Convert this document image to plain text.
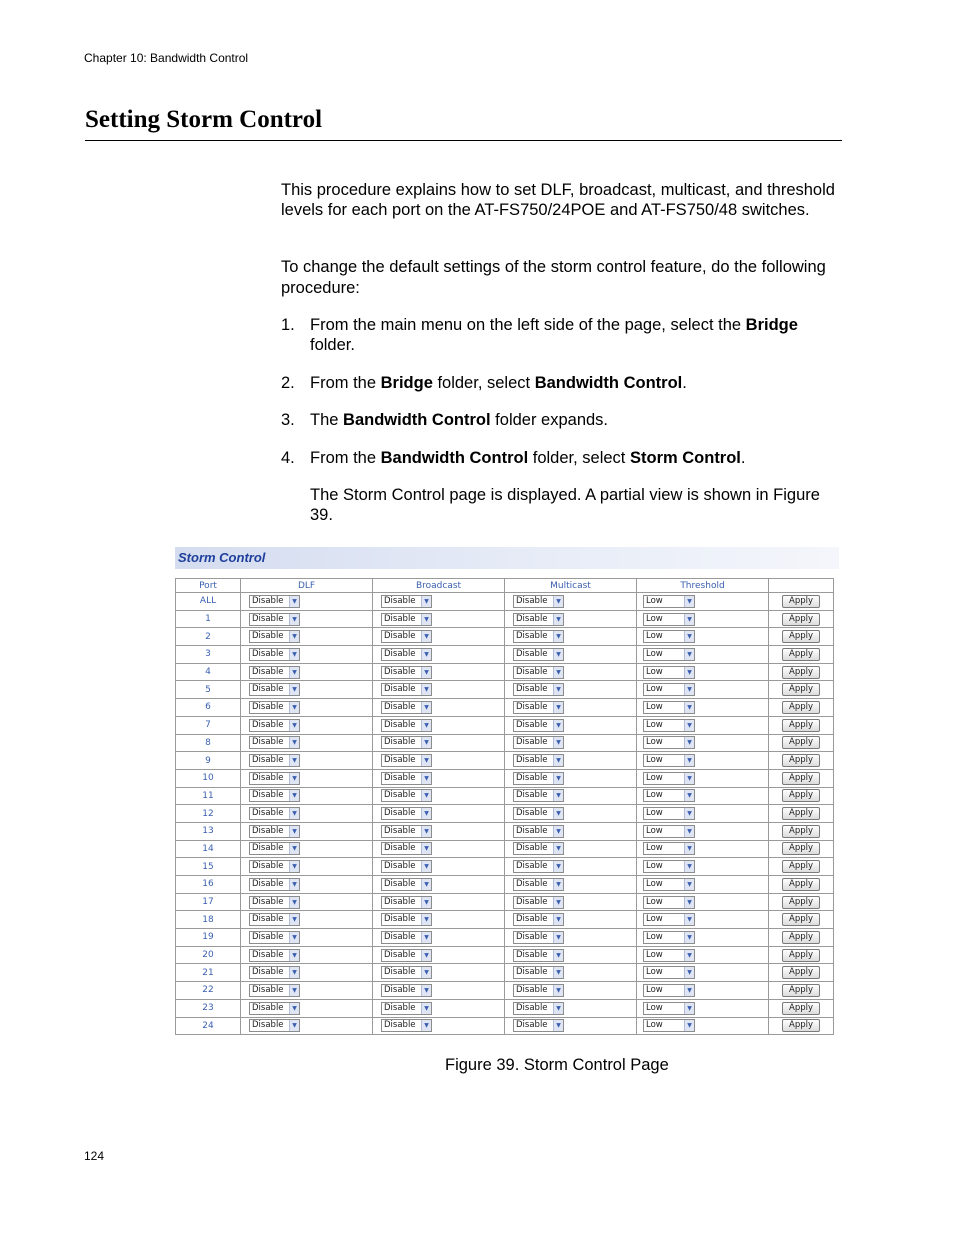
Chapter 10: Bandwidth Control
Setting Storm Control

This procedure explains how to set DLF, broadcast, multicast, and threshold levels for each port on the AT-FS750/24POE and AT-FS750/48 switches.

To change the default settings of the storm control feature, do the following procedure:

1. From the main menu on the left side of the page, select the Bridge folder.
2. From the Bridge folder, select Bandwidth Control.
3. The Bandwidth Control folder expands.
4. From the Bandwidth Control folder, select Storm Control.
The Storm Control page is displayed. A partial view is shown in Figure 39.
Storm Control
Port	DLF	Broadcast	Multicast	Threshold	
ALL	Disable ▼	Disable ▼	Disable ▼	Low ▼	Apply
1	Disable ▼	Disable ▼	Disable ▼	Low ▼	Apply
2	Disable ▼	Disable ▼	Disable ▼	Low ▼	Apply
3	Disable ▼	Disable ▼	Disable ▼	Low ▼	Apply
4	Disable ▼	Disable ▼	Disable ▼	Low ▼	Apply
5	Disable ▼	Disable ▼	Disable ▼	Low ▼	Apply
6	Disable ▼	Disable ▼	Disable ▼	Low ▼	Apply
7	Disable ▼	Disable ▼	Disable ▼	Low ▼	Apply
8	Disable ▼	Disable ▼	Disable ▼	Low ▼	Apply
9	Disable ▼	Disable ▼	Disable ▼	Low ▼	Apply
10	Disable ▼	Disable ▼	Disable ▼	Low ▼	Apply
11	Disable ▼	Disable ▼	Disable ▼	Low ▼	Apply
12	Disable ▼	Disable ▼	Disable ▼	Low ▼	Apply
13	Disable ▼	Disable ▼	Disable ▼	Low ▼	Apply
14	Disable ▼	Disable ▼	Disable ▼	Low ▼	Apply
15	Disable ▼	Disable ▼	Disable ▼	Low ▼	Apply
16	Disable ▼	Disable ▼	Disable ▼	Low ▼	Apply
17	Disable ▼	Disable ▼	Disable ▼	Low ▼	Apply
18	Disable ▼	Disable ▼	Disable ▼	Low ▼	Apply
19	Disable ▼	Disable ▼	Disable ▼	Low ▼	Apply
20	Disable ▼	Disable ▼	Disable ▼	Low ▼	Apply
21	Disable ▼	Disable ▼	Disable ▼	Low ▼	Apply
22	Disable ▼	Disable ▼	Disable ▼	Low ▼	Apply
23	Disable ▼	Disable ▼	Disable ▼	Low ▼	Apply
24	Disable ▼	Disable ▼	Disable ▼	Low ▼	Apply
Figure 39. Storm Control Page
124
